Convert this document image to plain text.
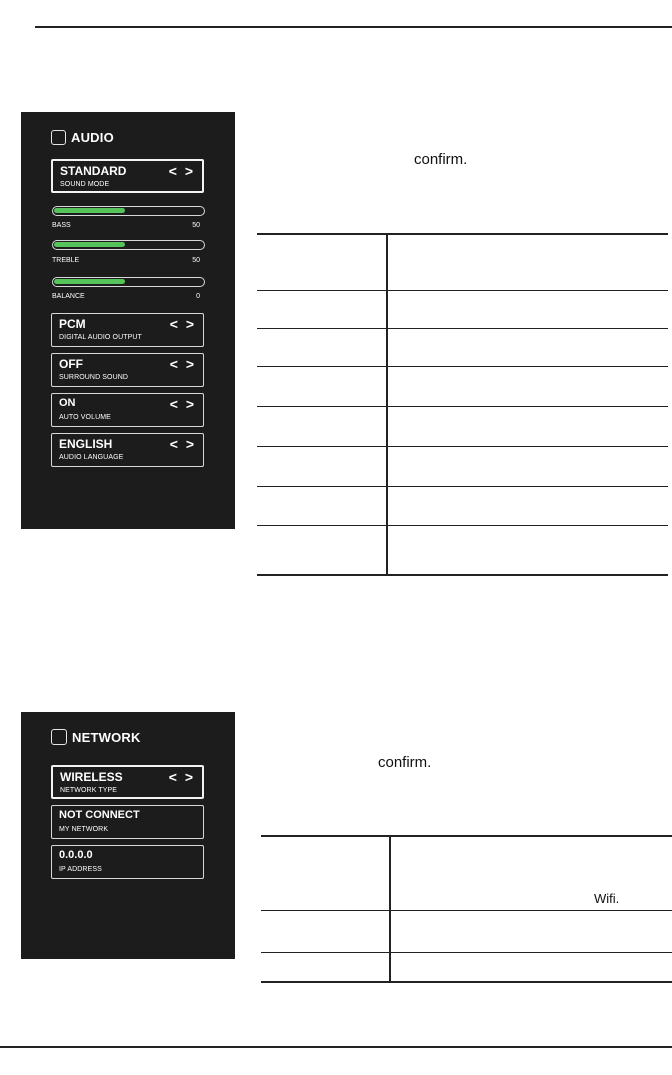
AUDIO
STANDARD
SOUND MODE
< >
BASS	50
TREBLE	50
BALANCE	0
PCM
DIGITAL AUDIO OUTPUT
< >
OFF
SURROUND SOUND
< >
ON
AUTO VOLUME
< >
ENGLISH
AUDIO LANGUAGE
< >
confirm.
NETWORK
WIRELESS
NETWORK TYPE
< >
NOT CONNECT
MY NETWORK
0.0.0.0
IP ADDRESS
confirm.
Wifi.
